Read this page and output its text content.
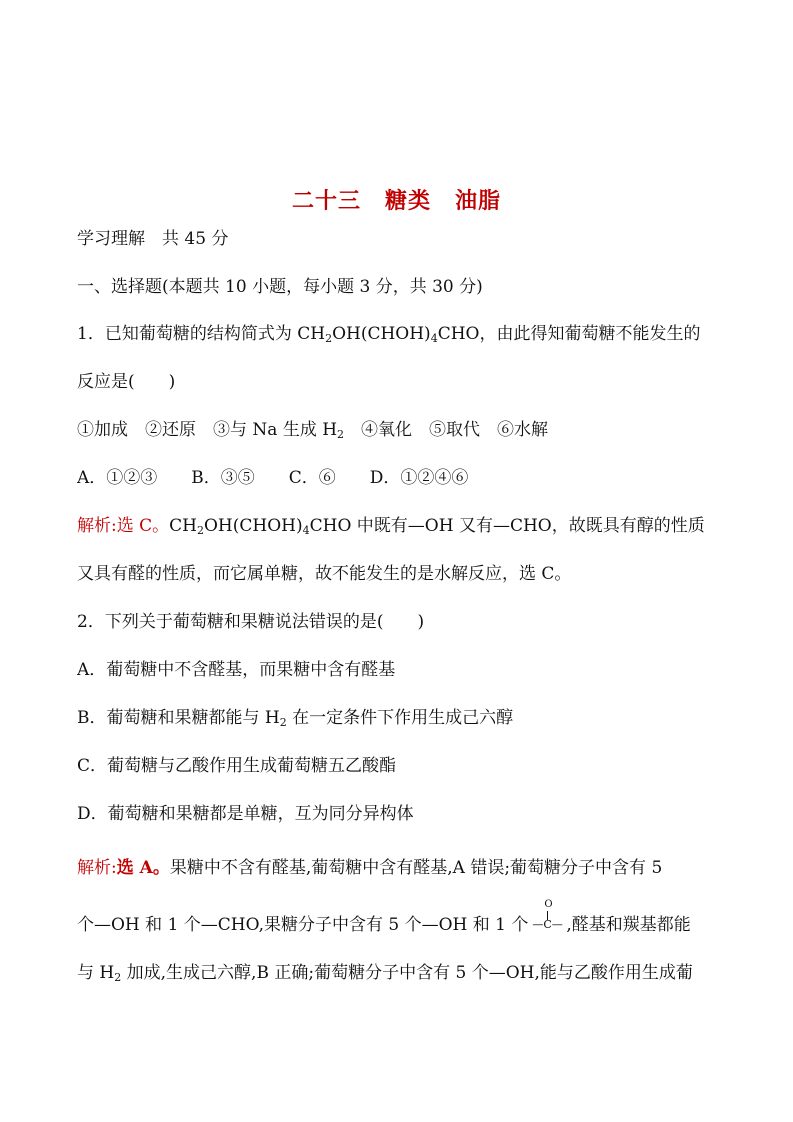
二十三 糖类 油脂
学习理解　共 45 分
一、选择题(本题共 10 小题，每小题 3 分，共 30 分)
1．已知葡萄糖的结构简式为 $CH_2OH(CHOH)_4CHO$，由此得知葡萄糖不能发生的
反应是(　　)
①加成　②还原　③与 Na 生成 $H_2$　④氧化　⑤取代　⑥水解
A．①②③　　B．③⑤　　C．⑥　　D．①②④⑥
解析:选 C。$CH_2OH(CHOH)_4CHO$ 中既有—OH 又有—CHO，故既具有醇的性质
又具有醛的性质，而它属单糖，故不能发生的是水解反应，选 C。
2．下列关于葡萄糖和果糖说法错误的是(　　)
A．葡萄糖中不含醛基，而果糖中含有醛基
B．葡萄糖和果糖都能与 $H_2$ 在一定条件下作用生成己六醇
C．葡萄糖与乙酸作用生成葡萄糖五乙酸酯
D．葡萄糖和果糖都是单糖，互为同分异构体
解析:选 A。果糖中不含有醛基,葡萄糖中含有醛基,A 错误;葡萄糖分子中含有 5
个—OH 和 1 个—CHO,果糖分子中含有 5 个—OH 和 1 个
O
—C— ,醛基和羰基都能
与 $H_2$ 加成,生成己六醇,B 正确;葡萄糖分子中含有 5 个—OH,能与乙酸作用生成葡
